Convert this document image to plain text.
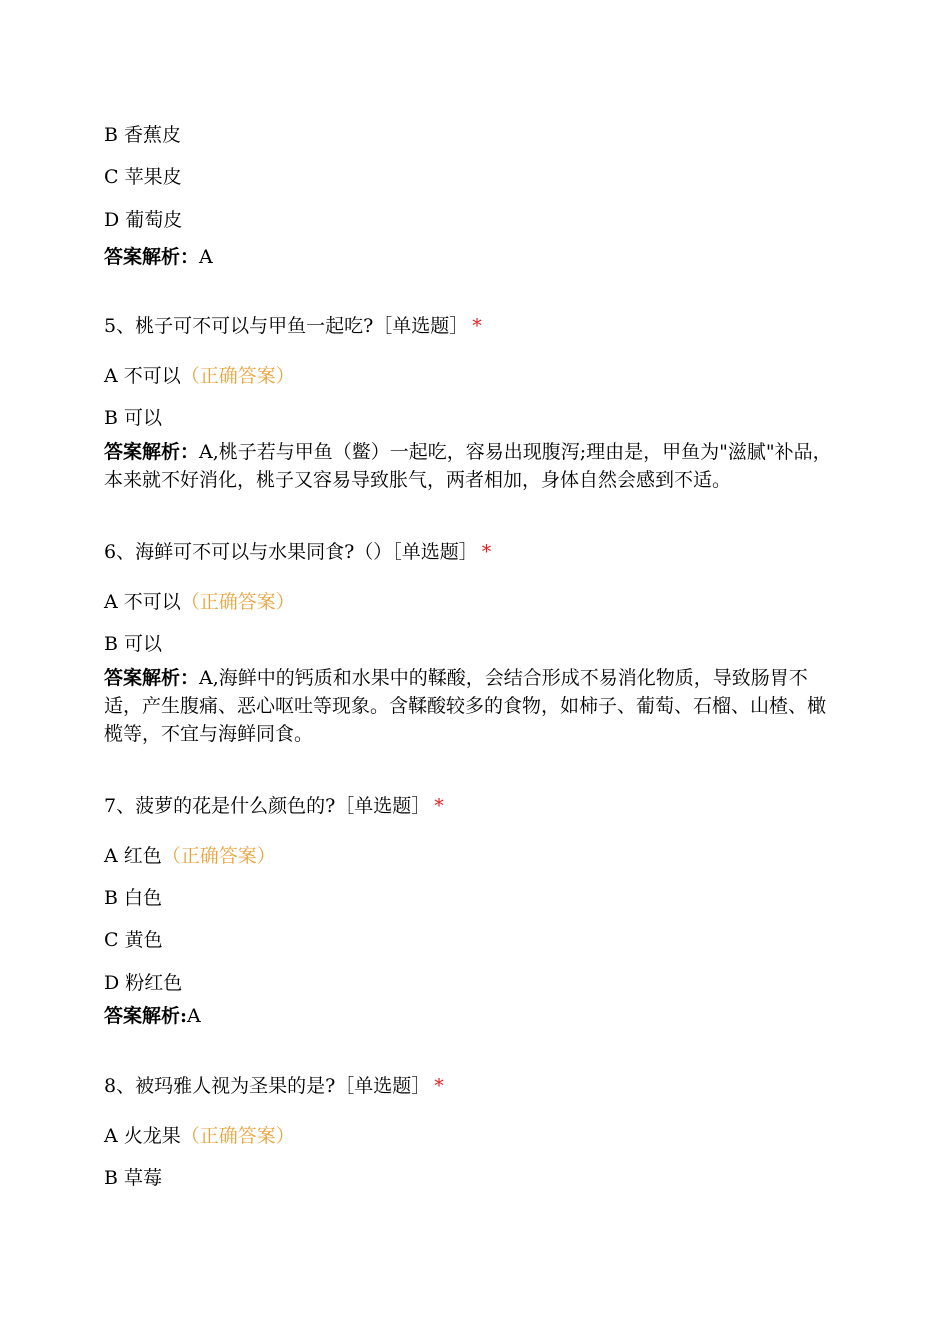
B 香蕉皮
C 苹果皮
D 葡萄皮
答案解析：A
5、桃子可不可以与甲鱼一起吃?［单选题］ *
A 不可以（正确答案）
B 可以
答案解析：A,桃子若与甲鱼（鳖）一起吃，容易出现腹泻;理由是，甲鱼为"滋腻"补品，本来就不好消化，桃子又容易导致胀气，两者相加，身体自然会感到不适。
6、海鲜可不可以与水果同食?（）［单选题］ *
A 不可以（正确答案）
B 可以
答案解析：A,海鲜中的钙质和水果中的鞣酸，会结合形成不易消化物质，导致肠胃不适，产生腹痛、恶心呕吐等现象。含鞣酸较多的食物，如柿子、葡萄、石榴、山楂、橄榄等，不宜与海鲜同食。
7、菠萝的花是什么颜色的?［单选题］ *
A 红色（正确答案）
B 白色
C 黄色
D 粉红色
答案解析:A
8、被玛雅人视为圣果的是?［单选题］ *
A 火龙果（正确答案）
B 草莓
